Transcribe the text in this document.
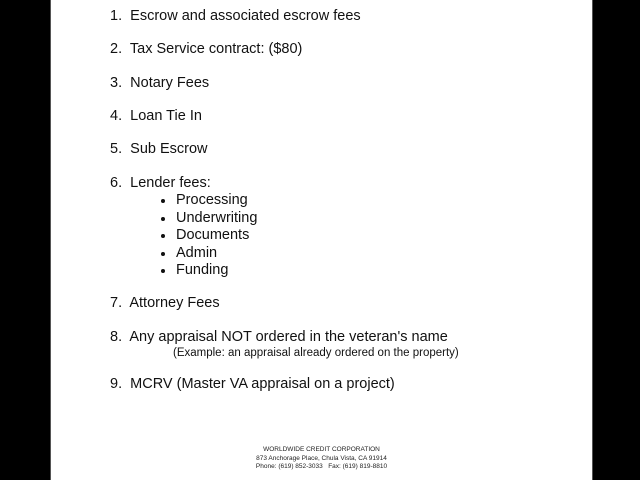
1.  Escrow and associated escrow fees
2.  Tax Service contract: ($80)
3.  Notary Fees
4.  Loan Tie In
5.  Sub Escrow
6.  Lender fees:
Processing
Underwriting
Documents
Admin
Funding
7.  Attorney Fees
8.  Any appraisal NOT ordered in the veteran's name
(Example: an appraisal already ordered on the property)
9.  MCRV (Master VA appraisal on a project)
WORLDWIDE CREDIT CORPORATION
873 Anchorage Place, Chula Vista, CA 91914
Phone: (619) 852-3033 Fax: (619) 819-8810
